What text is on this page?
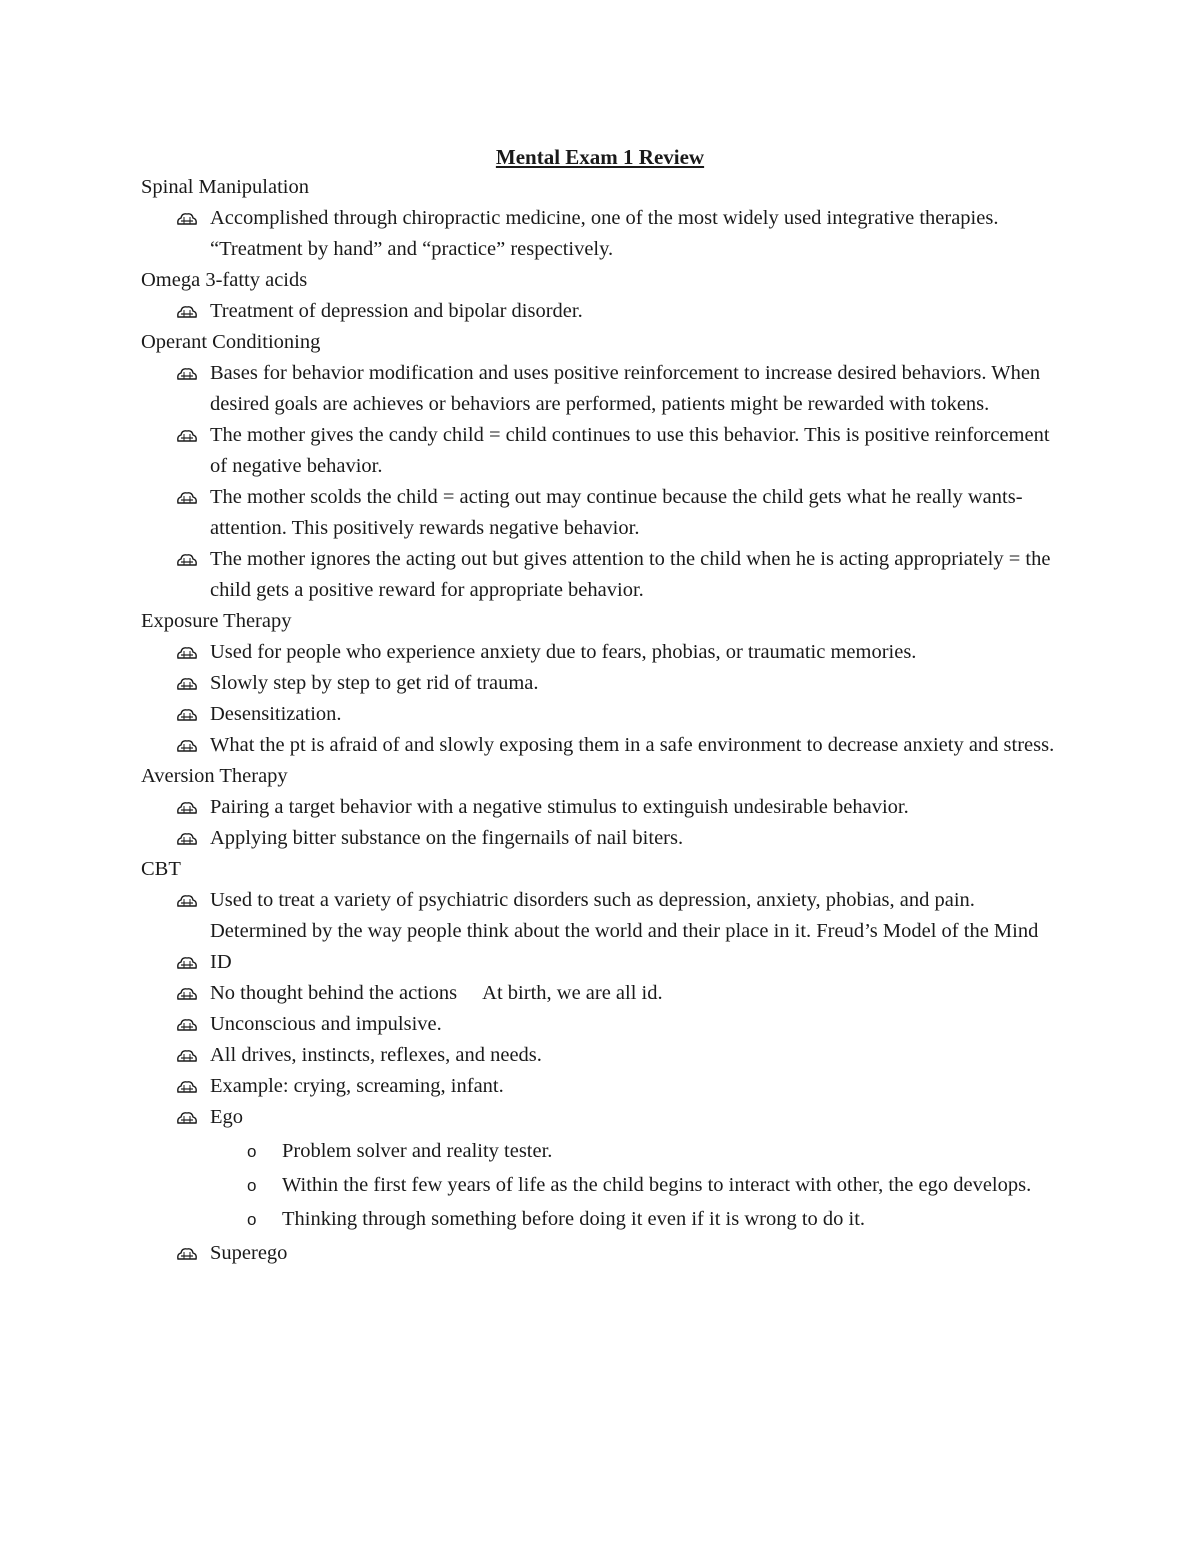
Mental Exam 1 Review

Spinal Manipulation

Accomplished through chiropractic medicine, one of the most widely used integrative therapies. “Treatment by hand” and “practice” respectively.

Omega 3-fatty acids

Treatment of depression and bipolar disorder.

Operant Conditioning

Bases for behavior modification and uses positive reinforcement to increase desired behaviors. When desired goals are achieves or behaviors are performed, patients might be rewarded with tokens.

The mother gives the candy child = child continues to use this behavior. This is positive reinforcement of negative behavior.

The mother scolds the child = acting out may continue because the child gets what he really wants-attention. This positively rewards negative behavior.

The mother ignores the acting out but gives attention to the child when he is acting appropriately = the child gets a positive reward for appropriate behavior.

Exposure Therapy

Used for people who experience anxiety due to fears, phobias, or traumatic memories.

Slowly step by step to get rid of trauma.

Desensitization.

What the pt is afraid of and slowly exposing them in a safe environment to decrease anxiety and stress.

Aversion Therapy

Pairing a target behavior with a negative stimulus to extinguish undesirable behavior.

Applying bitter substance on the fingernails of nail biters.

CBT

Used to treat a variety of psychiatric disorders such as depression, anxiety, phobias, and pain. Determined by the way people think about the world and their place in it. Freud’s Model of the Mind

ID

No thought behind the actions   At birth, we are all id.

Unconscious and impulsive.

All drives, instincts, reflexes, and needs.

Example: crying, screaming, infant.

Ego

o Problem solver and reality tester.

o Within the first few years of life as the child begins to interact with other, the ego develops.

o Thinking through something before doing it even if it is wrong to do it.

Superego
